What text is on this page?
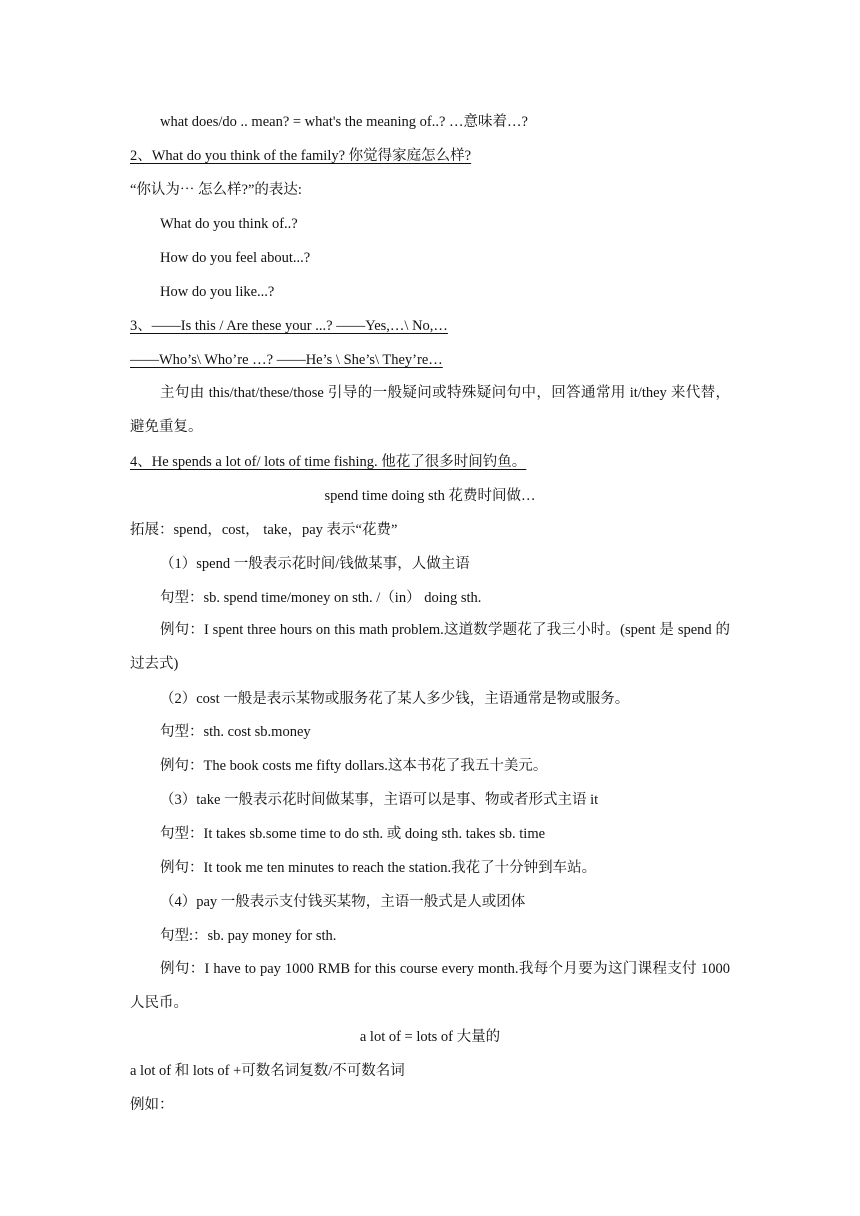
what does/do .. mean? = what's the meaning of..? …意味着…?
2、What do you think of the family? 你觉得家庭怎么样?
“你认为⋯ 怎么样?”的表达:
What do you think of..?
How do you feel about...?
How do you like...?
3、——Is this / Are these your ...? ——Yes,…\ No,…
——Who’s\ Who’re …? ——He’s \ She’s\ They’re…
主句由 this/that/these/those 引导的一般疑问或特殊疑问句中，回答通常用 it/they 来代替，避免重复。
4、He spends a lot of/ lots of time fishing. 他花了很多时间钓鱼。
spend time doing sth 花费时间做…
拓展：spend，cost， take，pay 表示“花费”
（1）spend 一般表示花时间/钱做某事，人做主语
句型：sb. spend time/money on sth. /（in） doing sth.
例句：I spent three hours on this math problem.这道数学题花了我三小时。(spent 是 spend 的过去式)
（2）cost 一般是表示某物或服务花了某人多少钱，主语通常是物或服务。
句型：sth. cost sb.money
例句：The book costs me fifty dollars.这本书花了我五十美元。
（3）take 一般表示花时间做某事，主语可以是事、物或者形式主语 it
句型：It takes sb.some time to do sth. 或 doing sth. takes sb. time
例句：It took me ten minutes to reach the station.我花了十分钟到车站。
（4）pay 一般表示支付钱买某物，主语一般式是人或团体
句型:：sb. pay money for sth.
例句：I have to pay 1000 RMB for this course every month.我每个月要为这门课程支付 1000 人民币。
a lot of = lots of 大量的
a lot of 和 lots of +可数名词复数/不可数名词
例如：
